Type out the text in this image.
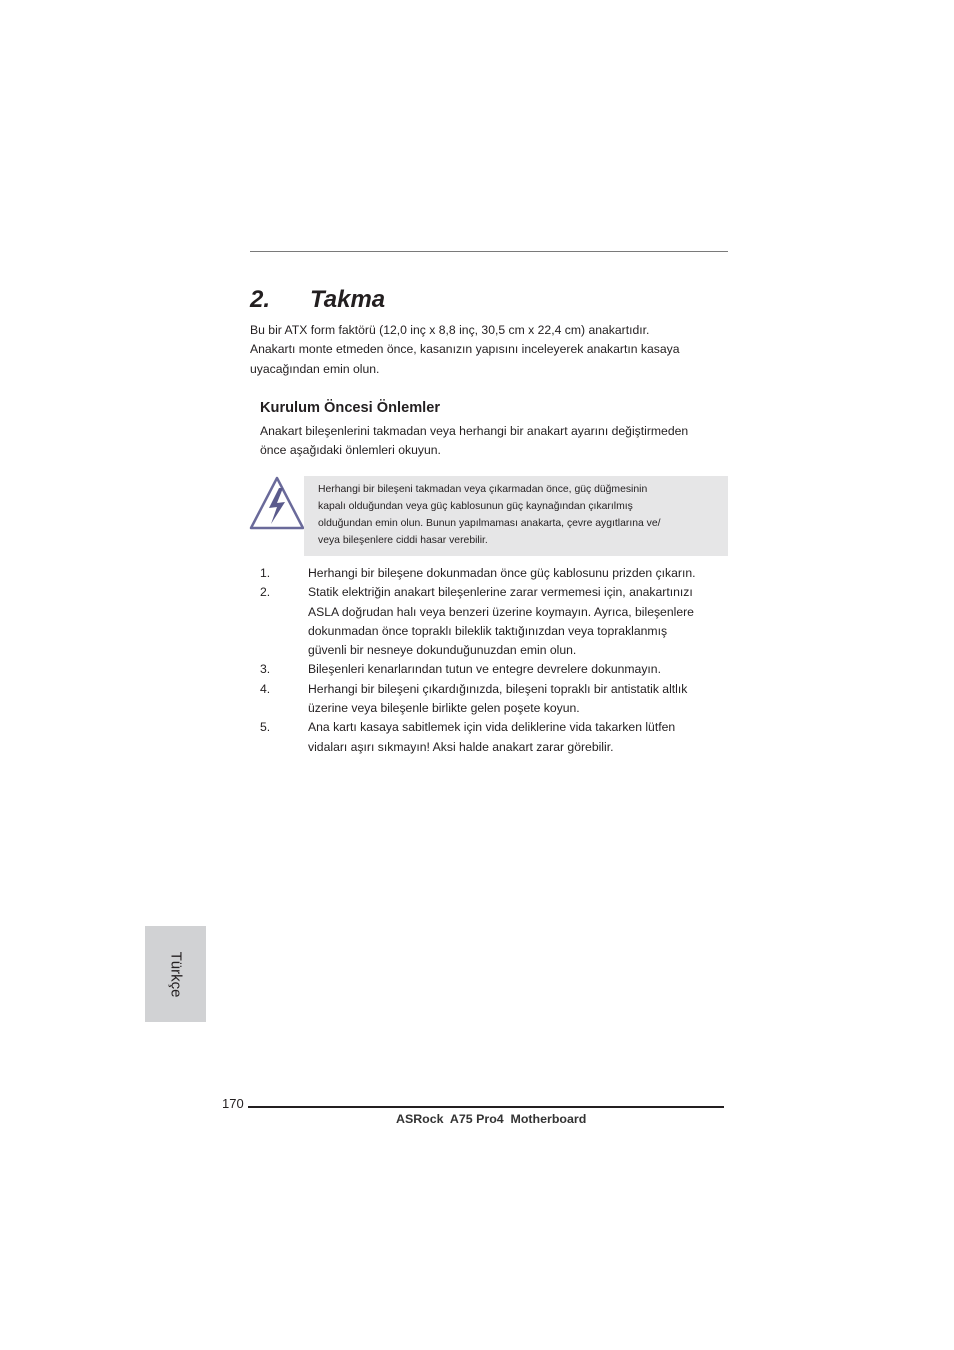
2. Takma
Bu bir ATX form faktörü (12,0 inç x 8,8 inç, 30,5 cm x 22,4 cm) anakartıdır.
Anakartı monte etmeden önce, kasanızın yapısını inceleyerek anakartın kasaya
uyacağından emin olun.
Kurulum Öncesi Önlemler
Anakart bileşenlerini takmadan veya herhangi bir anakart ayarını değiştirmeden
önce aşağıdaki önlemleri okuyun.
Herhangi bir bileşeni takmadan veya çıkarmadan önce, güç düğmesinin
kapalı olduğundan veya güç kablosunun güç kaynağından çıkarılmış
olduğundan emin olun. Bunun yapılmaması anakarta, çevre aygıtlarına ve/
veya bileşenlere ciddi hasar verebilir.
1.	Herhangi bir bileşene dokunmadan önce güç kablosunu prizden çıkarın.
2.	Statik elektriğin anakart bileşenlerine zarar vermemesi için, anakartınızı
ASLA doğrudan halı veya benzeri üzerine koymayın. Ayrıca, bileşenlere
dokunmadan önce topraklı bileklik taktığınızdan veya topraklanmış
güvenli bir nesneye dokunduğunuzdan emin olun.
3.	Bileşenleri kenarlarından tutun ve entegre devrelere dokunmayın.
4.	Herhangi bir bileşeni çıkardığınızda, bileşeni topraklı bir antistatik altlık
üzerine veya bileşenle birlikte gelen poşete koyun.
5.	Ana kartı kasaya sabitlemek için vida deliklerine vida takarken lütfen
vidaları aşırı sıkmayın! Aksi halde anakart zarar görebilir.
Türkçe
170
ASRock  A75 Pro4  Motherboard
